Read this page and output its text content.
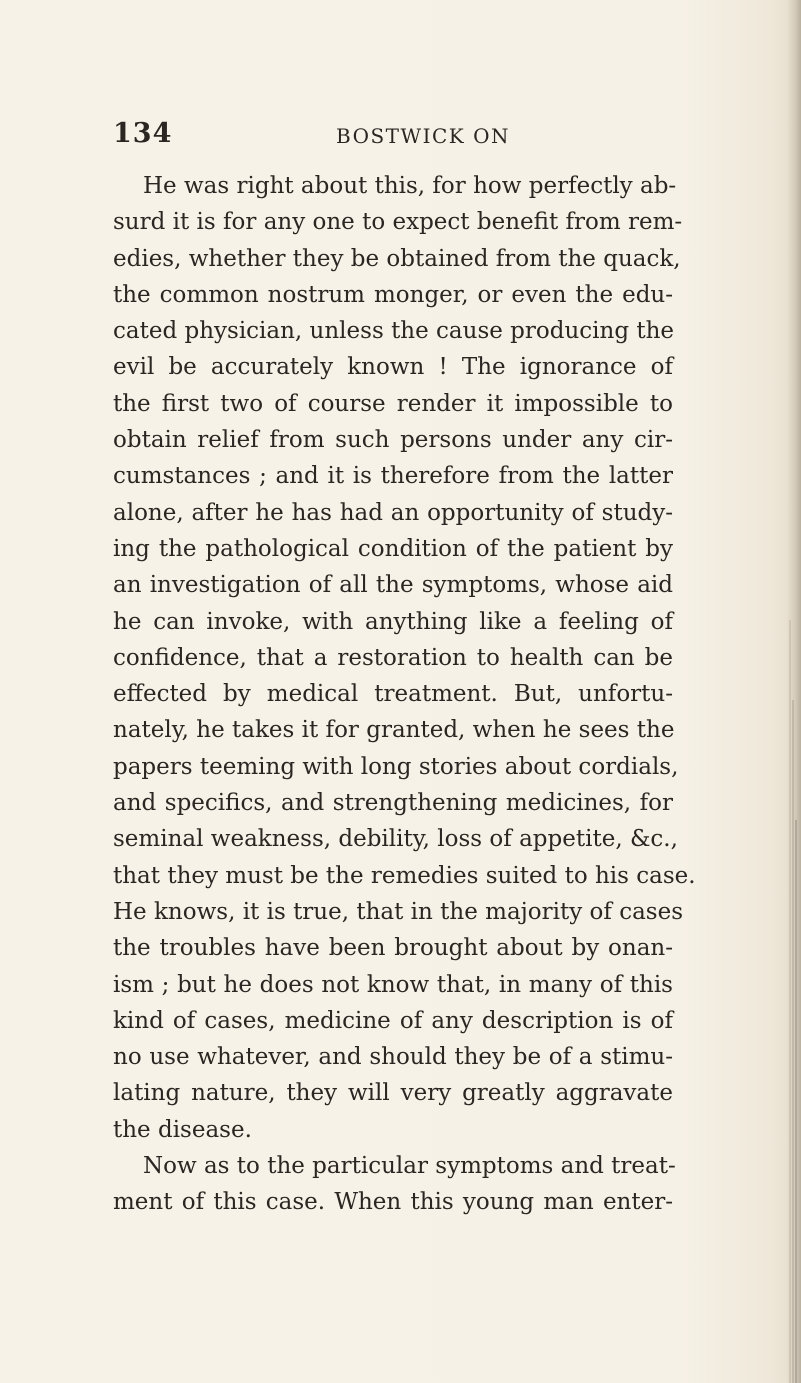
134	BOSTWICK ON
He was right about this, for how perfectly ab-
surd it is for any one to expect benefit from rem-
edies, whether they be obtained from the quack,
the common nostrum monger, or even the edu-
cated physician, unless the cause producing the
evil be accurately known ! The ignorance of
the first two of course render it impossible to
obtain relief from such persons under any cir-
cumstances ; and it is therefore from the latter
alone, after he has had an opportunity of study-
ing the pathological condition of the patient by
an investigation of all the symptoms, whose aid
he can invoke, with anything like a feeling of
confidence, that a restoration to health can be
effected by medical treatment. But, unfortu-
nately, he takes it for granted, when he sees the
papers teeming with long stories about cordials,
and specifics, and strengthening medicines, for
seminal weakness, debility, loss of appetite, &c.,
that they must be the remedies suited to his case.
He knows, it is true, that in the majority of cases
the troubles have been brought about by onan-
ism ; but he does not know that, in many of this
kind of cases, medicine of any description is of
no use whatever, and should they be of a stimu-
lating nature, they will very greatly aggravate
the disease.
Now as to the particular symptoms and treat-
ment of this case. When this young man enter-
